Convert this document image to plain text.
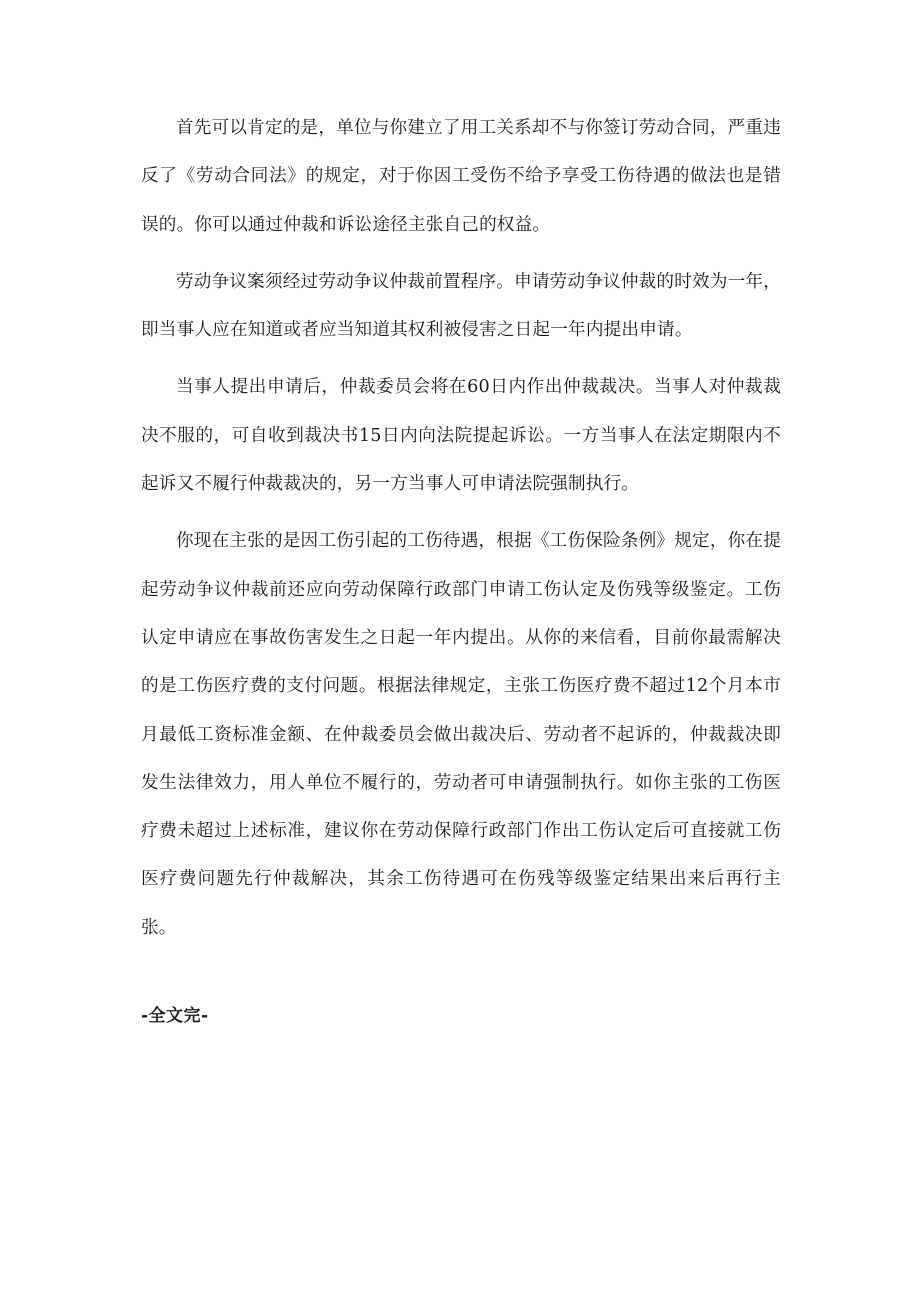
首先可以肯定的是，单位与你建立了用工关系却不与你签订劳动合同，严重违反了《劳动合同法》的规定，对于你因工受伤不给予享受工伤待遇的做法也是错误的。你可以通过仲裁和诉讼途径主张自己的权益。

劳动争议案须经过劳动争议仲裁前置程序。申请劳动争议仲裁的时效为一年，即当事人应在知道或者应当知道其权利被侵害之日起一年内提出申请。

当事人提出申请后，仲裁委员会将在60日内作出仲裁裁决。当事人对仲裁裁决不服的，可自收到裁决书15日内向法院提起诉讼。一方当事人在法定期限内不起诉又不履行仲裁裁决的，另一方当事人可申请法院强制执行。

你现在主张的是因工伤引起的工伤待遇，根据《工伤保险条例》规定，你在提起劳动争议仲裁前还应向劳动保障行政部门申请工伤认定及伤残等级鉴定。工伤认定申请应在事故伤害发生之日起一年内提出。从你的来信看，目前你最需解决的是工伤医疗费的支付问题。根据法律规定，主张工伤医疗费不超过12个月本市月最低工资标准金额、在仲裁委员会做出裁决后、劳动者不起诉的，仲裁裁决即发生法律效力，用人单位不履行的，劳动者可申请强制执行。如你主张的工伤医疗费未超过上述标准，建议你在劳动保障行政部门作出工伤认定后可直接就工伤医疗费问题先行仲裁解决，其余工伤待遇可在伤残等级鉴定结果出来后再行主张。

-全文完-
